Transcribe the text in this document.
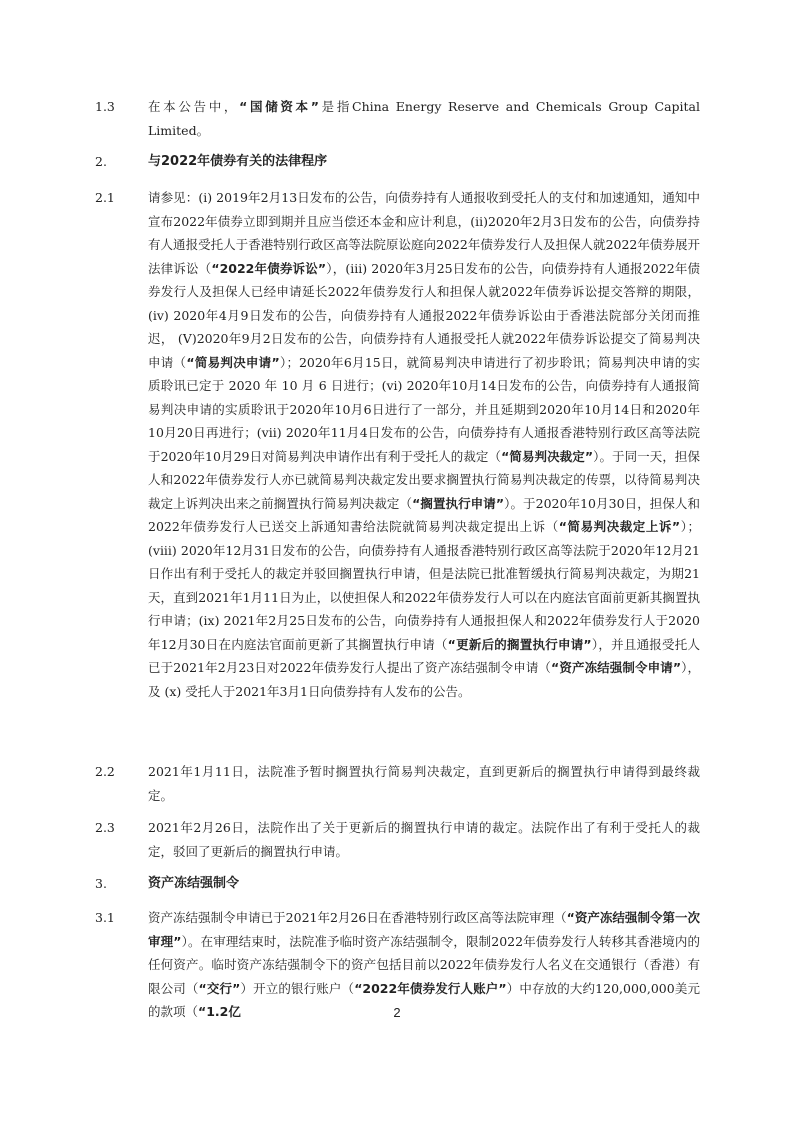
1.3	在本公告中，“国储资本”是指China Energy Reserve and Chemicals Group Capital Limited。
2.	与2022年债券有关的法律程序
2.1	请参见：(i) 2019年2月13日发布的公告，向债券持有人通报收到受托人的支付和加速通知，通知中宣布2022年债券立即到期并且应当偿还本金和应计利息，(ii)2020年2月3日发布的公告，向债券持有人通报受托人于香港特别行政区高等法院原讼庭向2022年债券发行人及担保人就2022年债券展开法律诉讼（“2022年债券诉讼”），(iii) 2020年3月25日发布的公告，向债券持有人通报2022年债券发行人及担保人已经申请延长2022年债券发行人和担保人就2022年债券诉讼提交答辩的期限，(iv) 2020年4月9日发布的公告，向债券持有人通报2022年债券诉讼由于香港法院部分关闭而推迟， (V)2020年9月2日发布的公告，向债券持有人通报受托人就2022年债券诉讼提交了简易判决申请（“简易判决申请”）；2020年6月15日，就简易判决申请进行了初步聆讯；简易判决申请的实质聆讯已定于 2020 年 10 月 6 日进行；(vi) 2020年10月14日发布的公告，向债券持有人通报简易判决申请的实质聆讯于2020年10月6日进行了一部分，并且延期到2020年10月14日和2020年10月20日再进行；(vii) 2020年11月4日发布的公告，向债券持有人通报香港特别行政区高等法院于2020年10月29日对简易判决申请作出有利于受托人的裁定（“简易判决裁定”）。于同一天，担保人和2022年债券发行人亦已就简易判决裁定发出要求搁置执行简易判决裁定的传票，以待简易判决裁定上诉判决出来之前搁置执行简易判决裁定（“搁置执行申请”）。于2020年10月30日，担保人和2022年债券发行人已送交上訴通知書给法院就简易判决裁定提出上诉（“简易判决裁定上诉”）；(viii) 2020年12月31日发布的公告，向债券持有人通报香港特别行政区高等法院于2020年12月21日作出有利于受托人的裁定并驳回搁置执行申请，但是法院已批准暂缓执行简易判决裁定，为期21天，直到2021年1月11日为止，以使担保人和2022年债券发行人可以在内庭法官面前更新其搁置执行申请；(ix) 2021年2月25日发布的公告，向债券持有人通报担保人和2022年债券发行人于2020年12月30日在内庭法官面前更新了其搁置执行申请（“更新后的搁置执行申请”），并且通报受托人已于2021年2月23日对2022年债券发行人提出了资产冻结强制令申请（“资产冻结强制令申请”），及 (x) 受托人于2021年3月1日向债券持有人发布的公告。
2.2	2021年1月11日，法院准予暂时搁置执行简易判决裁定，直到更新后的搁置执行申请得到最终裁定。
2.3	2021年2月26日，法院作出了关于更新后的搁置执行申请的裁定。法院作出了有利于受托人的裁定，驳回了更新后的搁置执行申请。
3.	资产冻结强制令
3.1	资产冻结强制令申请已于2021年2月26日在香港特别行政区高等法院审理（“资产冻结强制令第一次审理”）。在审理结束时，法院准予临时资产冻结强制令，限制2022年债券发行人转移其香港境内的任何资产。临时资产冻结强制令下的资产包括目前以2022年债券发行人名义在交通银行（香港）有限公司（“交行”）开立的银行账户（“2022年债券发行人账户”）中存放的大约120,000,000美元的款项（“1.2亿	2
